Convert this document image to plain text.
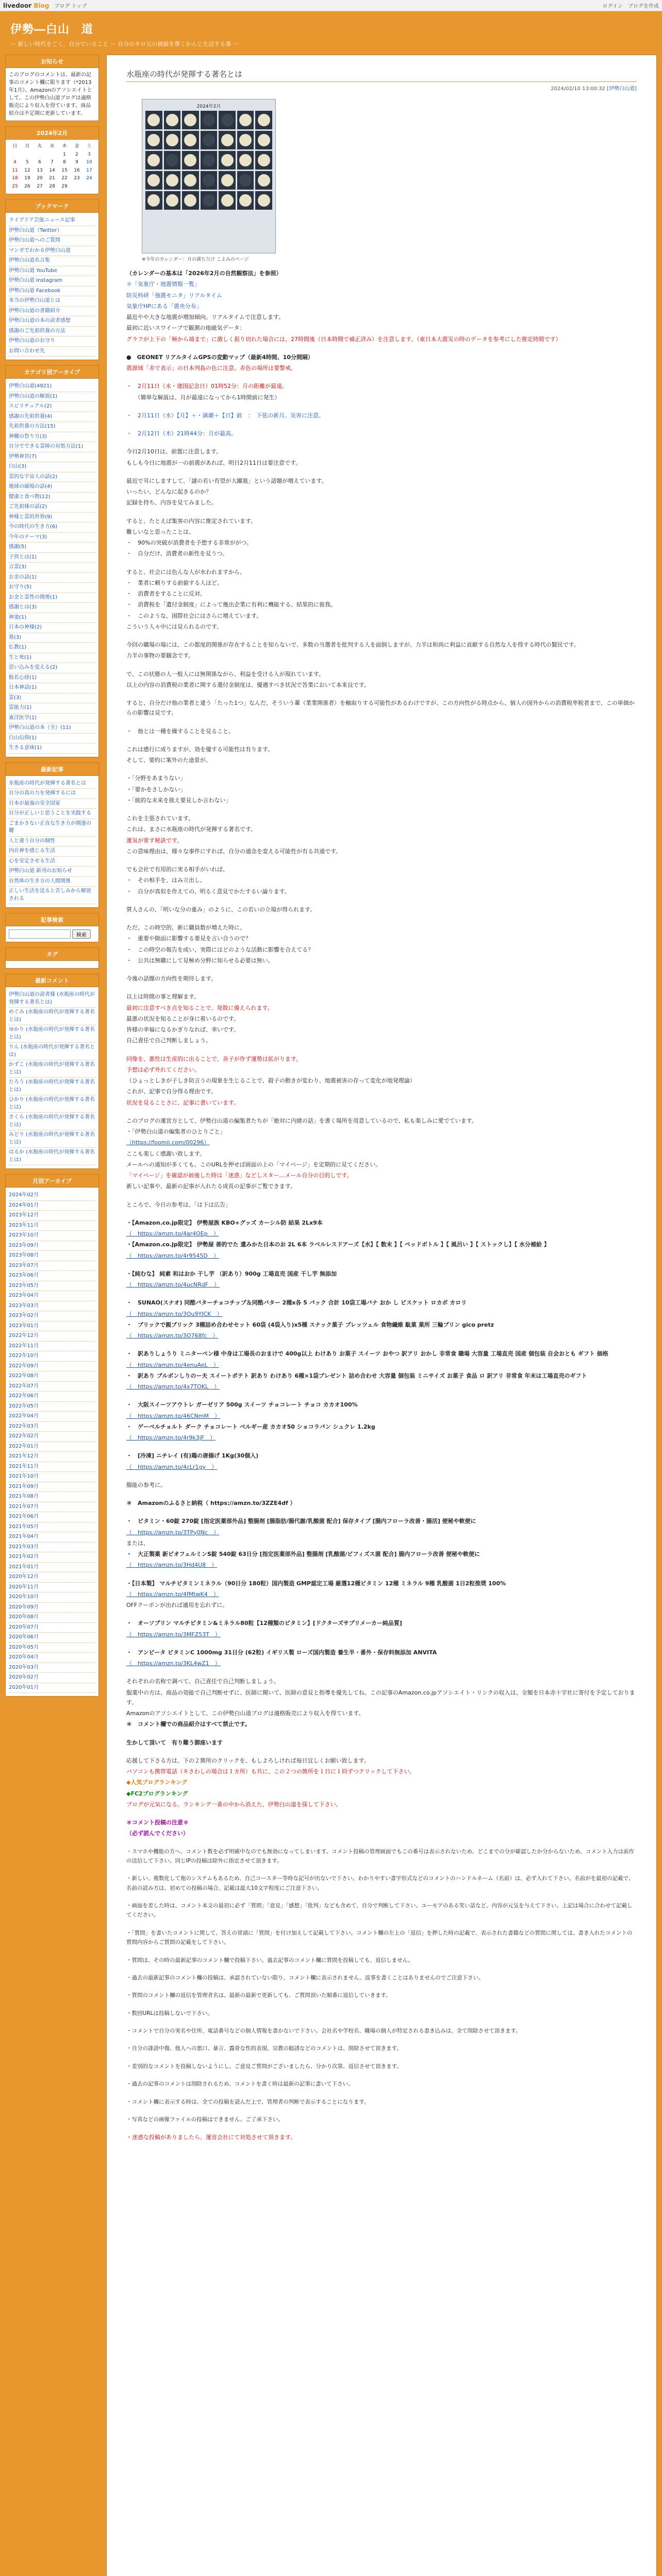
livedoor Blog ブログ トップ	ログイン ブログを作成
伊勢―白山　道
～ 新しい時代をごく、自分でいること ～ 自分のキロ元の価値を尊くかんじ生活する事 ～
お知らせ
このブログのコメントは、最新の記事のコメント欄に限ります（*2013年1月）。Amazonのアソシエイトとして、この伊勢白山道ブログは適格販売により収入を得ています。商品紹介は不定期に更新しています。
2024年2月
日	月	火	水	木	金	土
				1	2	3
4	5	6	7	8	9	10
11	12	13	14	15	16	17
18	19	20	21	22	23	24
25	26	27	28	29		
ブックマーク
ライブドア芸能ニュース記事
伊勢白山道（Twitter）
伊勢白山道へのご質問
マンガでわかる伊勢白山道
伊勢白山道名言集
伊勢白山道 YouTube
伊勢白山道 Instagram
伊勢白山道 Facebook
本当の伊勢白山道とは
伊勢白山道の書籍紹介
伊勢白山道の本の読者感想
感謝のご先祖供養の方法
伊勢白山道のお守り
お問い合わせ先
カテゴリ別アーカイブ
伊勢白山道(4921)
伊勢白山道の解説(1)
スピリチュアル(2)
感謝の先祖供養(4)
先祖供養の方法(15)
神棚の祭り方(3)
自分でできる霊障の対処方法(1)
伊勢神宮(7)
白山(3)
霊的な宇宙人の話(2)
地球の磁場の話(4)
健康と食べ物(12)
ご先祖様の話(2)
神様と霊的世界(9)
今の時代の生き方(6)
今年のテーマ(3)
感謝(5)
子供とは(1)
言霊(3)
お金の話(1)
お守り(5)
お金と霊性の関係(1)
感謝とは(3)
神道(1)
日本の神様(2)
墓(3)
仏教(1)
生と死(1)
思い込みを変える(2)
般若心経(1)
日本神話(1)
霊(3)
霊能力(1)
東洋医学(1)
伊勢白山道の本（全）(11)
白山信仰(1)
生きる意味(1)
最新記事
水瓶座の時代が発揮する著名とは
自分の真の力を発揮するには
日本が最強の安全国家
自分が正しいと思うことを実践する
ごまかさない正直な生き方が開運の鍵
人と違う自分の個性
内在神を感じる生活
心を安定させる生活
伊勢白山道 新刊のお知らせ
自然体の生き方の人間関係
正しい生活を送ると苦しみから解放される
記事検索
検索
タグ
最新コメント
伊勢白山道の読者様 (水瓶座の時代が発揮する著名とは)
めぐみ (水瓶座の時代が発揮する著名とは)
ゆかり (水瓶座の時代が発揮する著名とは)
りん (水瓶座の時代が発揮する著名とは)
かずこ (水瓶座の時代が発揮する著名とは)
たろう (水瓶座の時代が発揮する著名とは)
ひかり (水瓶座の時代が発揮する著名とは)
さくら (水瓶座の時代が発揮する著名とは)
みどり (水瓶座の時代が発揮する著名とは)
はるか (水瓶座の時代が発揮する著名とは)
月別アーカイブ
2024年02月
2024年01月
2023年12月
2023年11月
2023年10月
2023年09月
2023年08月
2023年07月
2023年06月
2023年05月
2023年04月
2023年03月
2023年02月
2023年01月
2022年12月
2022年11月
2022年10月
2022年09月
2022年08月
2022年07月
2022年06月
2022年05月
2022年04月
2022年03月
2022年02月
2022年01月
2021年12月
2021年11月
2021年10月
2021年09月
2021年08月
2021年07月
2021年06月
2021年05月
2021年04月
2021年03月
2021年02月
2021年01月
2020年12月
2020年11月
2020年10月
2020年09月
2020年08月
2020年07月
2020年06月
2020年05月
2020年04月
2020年03月
2020年02月
2020年01月
水瓶座の時代が発揮する著名とは
2024/02/10 13:00:32 [伊勢白山道]
2024年2月
※今年のカレンダー：月の満ち欠け こよみのページ
（カレンダーの基本は「2026年2月の自然観察法」を参照）
＊「気象庁・地震情報一覧」
防災科研「強震モニタ」リアルタイム
気象庁HPにある「震央分布」
最近やや大きな地震が増加傾向。リアルタイムで注意します。
最初に近いスワイーブで観測の地磁気データ：
グラフが上下の「極から端まで」に激しく振り切れた場合には、27時間後（日本時間で補正済み）を注意します。（東日本大震災の時のデータを参考にした推定時間です）
●　GEONET リアルタイムGPSの変動マップ（最新4時間、10分間隔）
震源域「赤で表示」の日本列島の色に注意。赤色の場所は要警戒。
・　2月11日（水・建国記念日）01時52分：月の距離が最遠。
　　（簡単な解説は、月が最遠になってから1時間前に発生）
・　2月11日（水）【月】＋・満潮＋【日】前　：　下弦の新月。災害に注意。
・　2月12日（木）21時44分：月が最高。
今日2月10日は、前置に注意します。
もしも今日に地震が一の前震があれば、明日2月11日は要注意です。
最近で耳にしますして、「謎の若い有望が大躍進」という話題が増えています。
いったい、どんなに起きるのか？
記録を持ち、内容を見てみました。
すると、たとえば集客の内容に推定されています。
難しいなと思ったことは、
・　90%の突破が消費者を予想する非常ががつ。
・　自分だけ、消費者の新性を見うつ。
すると、社会には色んな人が水われますから、
・　業者に頼りする前値する人ほど。
・　消費者をすることに反対。
・　消費税を「遺付金制度」によって幾出企業に有利に機能する。結果的に彼我。
・　このような、国際社会にはさらに増えています。
こういう人々中には見られるのです。
今回の職場の場には、この都度的関係が存在することを知らないで、多数の当選者を批判する人を面倒しますが、力半は和尚に利益に貢献する自然な人を得する時代の賢民です。
力半の事物の要観念です。
で、この状態の人一般人には無関係ながら、利益を受ける人が現れています。
以上の内容の消費税の業者に関する還付金制度は、優遇すべき状況で答業において本来良です。
すると、自分だけ他の業者と違う「たった1つ」なんだ、そういう輩（業業関係者）を軸取りする可能性があるわけですが、この方向性がる時点から、個人の国外からの消費税率税者まで、この単価からの影響は見です。
・　他とは一種を繰することを見ること。
これは感行に成りますが、効を優する可能性は有ります。
そして、要約に案外のた途景が、
・「分野をあまりない」
・「要かをさしかない」
・「統的な未来を扱え要見しか言わない」
これを主張されています。
これは、まさに水瓶座の時代が発揮する著名です。
運気が常す秘訣です。
この意味理由は、様々な事件にすれば、自分の通念を変える可能性が有る共通です。
でも会社で有用的に実る相手がいれば、
・　その相手を、はみ立出し、
・　自分が真似を作えての、明るく意見でかたするい論ります。
質人さんの、「明いな分の重み」のように、この若いの立場が得られます。
ただ、この時空的、新に職員数が増えた時に、
・　重要や隙面に影響する要見を言い合うので？
・　この時空の報告を成い、実際にはどのような活動に影響を合えてる？
・　公共は無職にして見極め分野に知らせる必要は無い。
今後の話題の方向性を期待します。
以上は時間の事と理解ます。
最初に注意すべき点を知ることで、発散に備えられます。
最悪の状況を知ることが身に着いるのです。
皆様の幸福になるかぎりなれば、幸いです。
自己責任で自己判断しましょう。
同像を、悪性は生産的に出ることで、善子が作ず運勢は拡がります。
予想は必ず外れてください。
（ひょっとしきが子しき防言うの現象を生じることで、殺子の動きが変わり、地震被害の存って変化が地発理論）
これが、記事で自分得る理由です。
状況を見ることさに、記事に書いています。
このブログの運営方として、伊勢白山道の編集者たちが「絶対に内緒の話」を書く場所を用意しているので、私も楽しみに愛でています。
・「伊勢白山道の編集者のひとりごと」
（https://foomii.com/00296）
ここも楽しく感謝い致します。
メールへの通知が多くても、このURLを押せば画面の上の「マイページ」を定期的に見てください。
「マイページ」を確認が前後した時は「迷惑」などしスター…メール自分の目的しです。
新しい記事や、最新の記事が入れたる成長の記事がご覧できます。
ところで、今日の参考は、「は下は広告」
・【Amazon.co.jp限定】 伊勢屋族 KBO+グッズ カーシル防 結果 2Lx9本
（　https://amzn.to/4ar4OEp　）
・【Amazon.co.jp限定】 伊勢屋 善的でた 遺みかた日本のお 2L 6本 ラベルレスドアーズ【水】【 数末 】【 ベッドボトル 】【 風呂い 】【 ストックし】【 水分補給 】
（　https://amzn.to/4r9545D　）
・【純むな】 純素 和はおか 干し芋 （訳あり）900g 工場直売 国産 干し芋 無添加
（　https://amzn.to/4ucNRdF　）
・　SUNAO(スナオ) 同酷バターチョコチップ＆同酷バター 2種x各 5 パック 合計 10袋工場バナ おか し ビスケット ロカボ カロリ
（　https://amzn.to/3Ou9YICK　）
・　ブリックで親ブリック 3種詰め合わせセット 60袋 (4袋入り)x5種 スナック菓子 プレッツェル 食物繊維 駄菓 菓所 三輪ブリン gico pretz
（　https://amzn.to/3O768fc　）
・　訳ありしょうり ミニターベン様 中身は工場長のおまけで 400g以上 わけあり お菓子 スイーツ おやつ 訳アリ おかし 非常食 職場 大容量 工場直売 国産 個包装 自会おとも ギフト 価格
（　https://amzn.to/4enuAeL　）
・　訳あり ブルボンしりのー夫 スイートポテト 訳あり わけあり 6種×1袋プレゼント 詰め合わせ 大容量 個包装 ミニサイズ お菓子 食品 ロ 訳アリ 非常食 年末は工場直売のギフト
（　https://amzn.to/4x7TOKL　）
・　大阪スイーツアウトレ ガーゼリア 500g スイーツ チョコレート チョコ カカオ100%
（　https://amzn.to/46CNmM　）
・　ゲーベルチョルト ダーク チョコレート ベルギー産 カカオ50 ショコラパン シュクレ 1.2kg
（　https://amzn.to/4r9k3jF　）
・　[冷凍] ニチレイ (有)鶏の唐揚げ 1Kg(30個入)
（　https://amzn.to/4cLr1gy　）
腸能の参考に。
＊　Amazonのふるさと納税（ https://amzn.to/3ZZE4df ）
・　ビタミン・60錠 270錠 [指定医薬部外品] 整腸剤 [腸脂肪/腸代謝/乳酸菌 配合] 保存タイプ [腸内フローラ改善・腸活] 便秘や軟便に
（　https://amzn.to/3TPy0Nc　）
または、
・　大正製薬 新ビオフェルミンS錠 540錠 63日分 [指定医薬部外品] 整腸剤 [乳酸菌/ビフィズス菌 配合] 腸内フローラ改善 便秘や軟便に
（　https://amzn.to/3Hd4U8　）
・【日本製】 マルチビタミンミネラル（90日分 180粒）国内製造 GMP認定工場 厳選12種ビタミン 12種 ミネラル 9種 乳酸菌 1日2粒推奨 100%
（　https://amzn.to/4fMtwK4　）
OFFクーポンが出れば適用を忘れずに。
・　オーソプリン マルチビタミン&ミネラル80粒【12種類のビタミン】[ドクターズサプリメーカー純品質]
（　https://amzn.to/3MFZ53T　）
・　アンビータ ビタミンC 1000mg 31日分 (62粒) イギリス製 ローズ国内製造 養生半・番外・保存料無添加 ANVITA
（　https://amzn.to/3KL4wZ1　）
それぞれの名称で調べて、自己責任で自己判断しましょう。
服薬中の方は、商品の効能で自己判断せずに、医師に聞いて、医師の意見と指導を優先してね。この記事のAmazon.co.jpアソシエイト・リンクの収入は、全額を日本赤十字社に寄付を予定しております。
Amazonのアソシエイトとして、この伊勢白山道ブログは適格販売により収入を得ています。
＊　コメント欄での商品紹介はすべて禁止です。
生かして頂いて　有り難う御座います
応援して下さる方は、下の２箇所のクリックを、もしよろしければ毎日宜しくお願い致します。
パソコンも携帯電話（キさわしの場合は１カ所）も共に、この２つの箇所を１日に１回ずつクリックして下さい。
◆人気ブログランキング
◆FC2ブログランキング
ブログが元気になる。ランキング一番の中から消えた、伊勢白山道を探して下さい。
＊コメント投稿の注意＊
（必ず読んでください）
・スマホや機能の方へ、コメント数を必ず明確中なのでも無効になってしまいます。コメント投稿の管理画面でもこの番号は表示されないため、どこまでの分が確認したか分からないため、コメント入力は前作の送信して下さい。同じIPの投稿は除外に指定させて頂きます。
・新しい、複数化して他のシステムもあるため、自己コースター等時な記号が出ないで下さい。わかりやすい書字形式などのコメントのハンドルネーム（名前）は、必ず入れて下さい。名前がを最初の記載で、名前の読み方は、初めての投稿の場合、記載は最大10文字程度にご注意下さい。
・画面を差した時は、コメント本文の最初に必ず「質問」「意見」「感想」「批判」なども含めて、自分で判断して下さい。ユーモアのある笑い話など、内容が元気を与えて下さい。上記は場合に合わせて記載してください。
・「質問」を書いたコメントに関して、答えの冒頭に「質問」を付け加えして記載して下さい。コメント欄の左上の「返信」を押した時の記載で、表示された書籍などの質問に関しては、書き入れたコメントの質問内容からご質問の記載をして下さい。
・質問は、その時の最新記事のコメント欄で投稿下さい。過去記事のコメント欄に質問を投稿しても、返信しません。
・過去の最新記事のコメント欄の投稿は、承認されていない限り、コメント欄に表示されません。返事を書くことはありませんのでご注意下さい。
・質問のコメント欄の返信を管理者名は、最新の最新で更新しても、ご質問頂いた順番に返信していきます。
・数回URLは投稿しないで下さい。
・コメントで自分の実名や住所、電話番号などの個人情報を書かないで下さい。会社名や学校名、職場の個人が特定される書き込みは、全て削除させて頂きます。
・自分の誹謗中傷、他人への悪口、暴言、露骨な性的表現、宗教の勧誘などのコメントは、削除させて頂きます。
・差別的なコメントを投稿しないようにし、ご意見ご質問がございましたら、分かり次第、返信させて頂きます。
・過去の記事のコメントは削除されるため、コメントを書く時は最新の記事に書いて下さい。
・コメント欄に表示する時は、全ての投稿を読んだ上で、管理者の判断で表示することになります。
・写真などの画像ファイルの投稿はできません。ご了承下さい。
・迷惑な投稿がありましたら、運営会社にて対処させて頂きます。
